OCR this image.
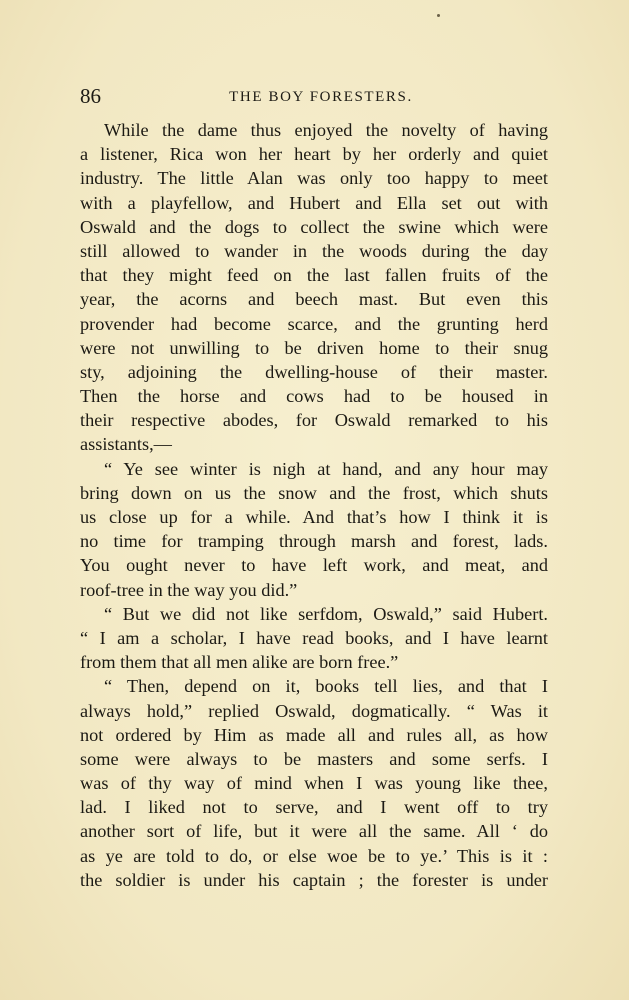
86	THE BOY FORESTERS.
While the dame thus enjoyed the novelty of having
a listener, Rica won her heart by her orderly and quiet
industry. The little Alan was only too happy to meet
with a playfellow, and Hubert and Ella set out with
Oswald and the dogs to collect the swine which were
still allowed to wander in the woods during the day
that they might feed on the last fallen fruits of the
year, the acorns and beech mast. But even this
provender had become scarce, and the grunting herd
were not unwilling to be driven home to their snug
sty, adjoining the dwelling-house of their master.
Then the horse and cows had to be housed in
their respective abodes, for Oswald remarked to his
assistants,—
“ Ye see winter is nigh at hand, and any hour may
bring down on us the snow and the frost, which shuts
us close up for a while. And that’s how I think it is
no time for tramping through marsh and forest, lads.
You ought never to have left work, and meat, and
roof-tree in the way you did.”
“ But we did not like serfdom, Oswald,” said Hubert.
“ I am a scholar, I have read books, and I have learnt
from them that all men alike are born free.”
“ Then, depend on it, books tell lies, and that I
always hold,” replied Oswald, dogmatically. “ Was it
not ordered by Him as made all and rules all, as how
some were always to be masters and some serfs. I
was of thy way of mind when I was young like thee,
lad. I liked not to serve, and I went off to try
another sort of life, but it were all the same. All ‘ do
as ye are told to do, or else woe be to ye.’ This is it :
the soldier is under his captain ; the forester is under
